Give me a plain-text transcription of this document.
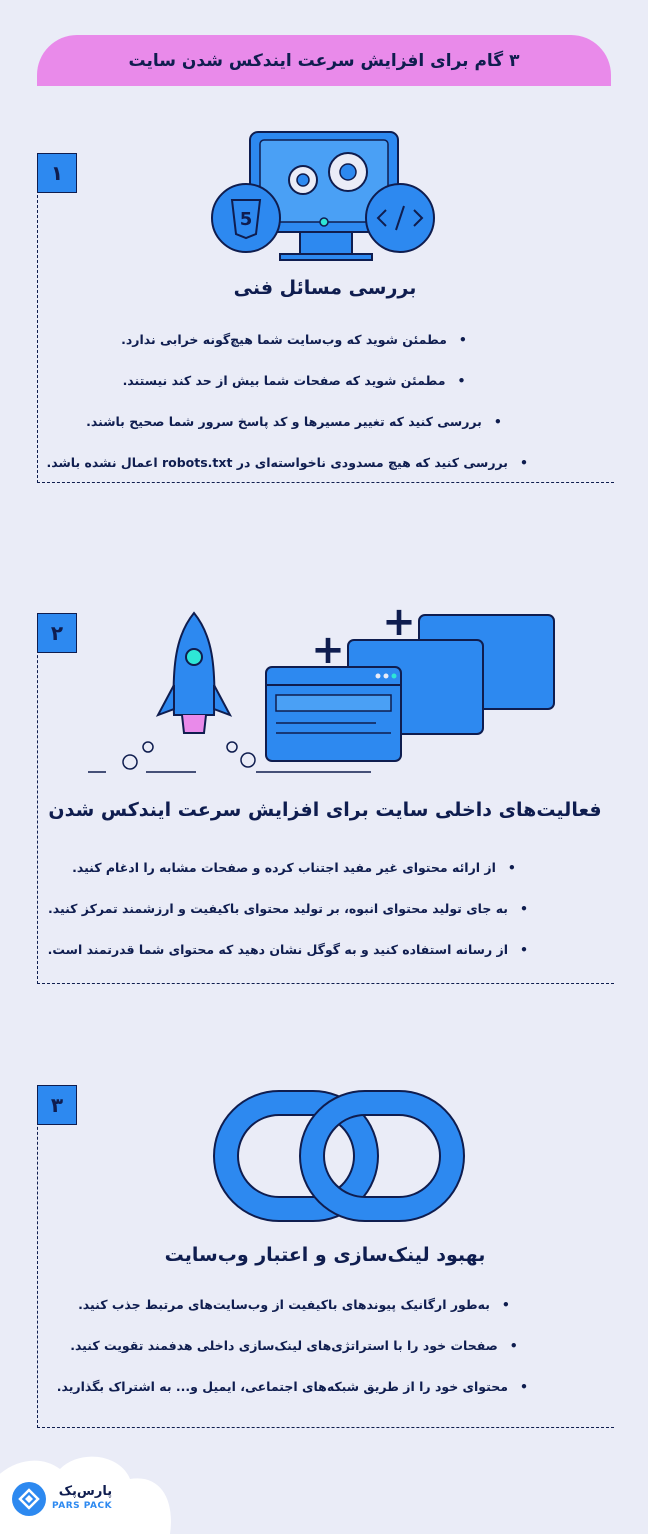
۳ گام برای افزایش سرعت ایندکس شدن سایت
۱
5
بررسی مسائل فنی
• مطمئن شوید که وب‌سایت شما هیچ‌گونه خرابی ندارد.
• مطمئن شوید که صفحات شما بیش از حد کند نیستند.
• بررسی کنید که تغییر مسیرها و کد پاسخ سرور شما صحیح باشند.
• بررسی کنید که هیچ مسدودی ناخواسته‌ای در robots.txt اعمال نشده باشد.
۲	+
+
فعالیت‌های داخلی سایت برای افزایش سرعت ایندکس شدن
• از ارائه محتوای غیر مفید اجتناب کرده و صفحات مشابه را ادغام کنید.
• به جای تولید محتوای انبوه، بر تولید محتوای باکیفیت و ارزشمند تمرکز کنید.
• از رسانه استفاده کنید و به گوگل نشان دهید که محتوای شما قدرتمند است.
۳
بهبود لینک‌سازی و اعتبار وب‌سایت
• به‌طور ارگانیک پیوندهای باکیفیت از وب‌سایت‌های مرتبط جذب کنید.
• صفحات خود را با استراتژی‌های لینک‌سازی داخلی هدفمند تقویت کنید.
• محتوای خود را از طریق شبکه‌های اجتماعی، ایمیل و... به اشتراک بگذارید.
پارس‌پک
PARS PACK
